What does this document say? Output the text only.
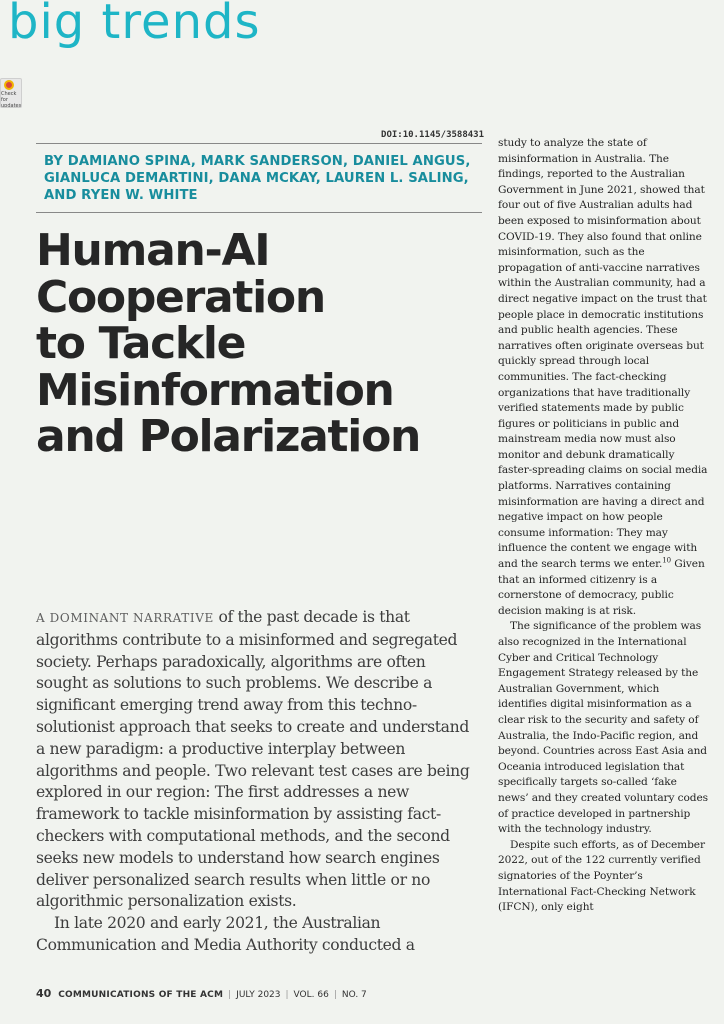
big trends
Check for updates
DOI:10.1145/3588431
BY DAMIANO SPINA, MARK SANDERSON, DANIEL ANGUS, GIANLUCA DEMARTINI, DANA MCKAY, LAUREN L. SALING, AND RYEN W. WHITE
Human-AI
Cooperation
to Tackle
Misinformation
and Polarization

A DOMINANT NARRATIVE of the past decade is that algorithms contribute to a misinformed and segregated society. Perhaps paradoxically, algorithms are often sought as solutions to such problems. We describe a significant emerging trend away from this techno-solutionist approach that seeks to create and understand a new paradigm: a productive interplay between algorithms and people. Two relevant test cases are being explored in our region: The first addresses a new framework to tackle misinformation by assisting fact-checkers with computational methods, and the second seeks new models to understand how search engines deliver personalized search results when little or no algorithmic personalization exists.

In late 2020 and early 2021, the Australian Communication and Media Authority conducted a

study to analyze the state of misinformation in Australia. The findings, reported to the Australian Government in June 2021, showed that four out of five Australian adults had been exposed to misinformation about COVID-19. They also found that online misinformation, such as the propagation of anti-vaccine narratives within the Australian community, had a direct negative impact on the trust that people place in democratic institutions and public health agencies. These narratives often originate overseas but quickly spread through local communities. The fact-checking organizations that have traditionally verified statements made by public figures or politicians in public and mainstream media now must also monitor and debunk dramatically faster-spreading claims on social media platforms. Narratives containing misinformation are having a direct and negative impact on how people consume information: They may influence the content we engage with and the search terms we enter.$^{10}$ Given that an informed citizenry is a cornerstone of democracy, public decision making is at risk.

The significance of the problem was also recognized in the International Cyber and Critical Technology Engagement Strategy released by the Australian Government, which identifies digital misinformation as a clear risk to the security and safety of Australia, the Indo-Pacific region, and beyond. Countries across East Asia and Oceania introduced legislation that specifically targets so-called ‘fake news’ and they created voluntary codes of practice developed in partnership with the technology industry.

Despite such efforts, as of December 2022, out of the 122 currently verified signatories of the Poynter’s International Fact-Checking Network (IFCN), only eight

40 COMMUNICATIONS OF THE ACM | JULY 2023 | VOL. 66 | NO. 7
